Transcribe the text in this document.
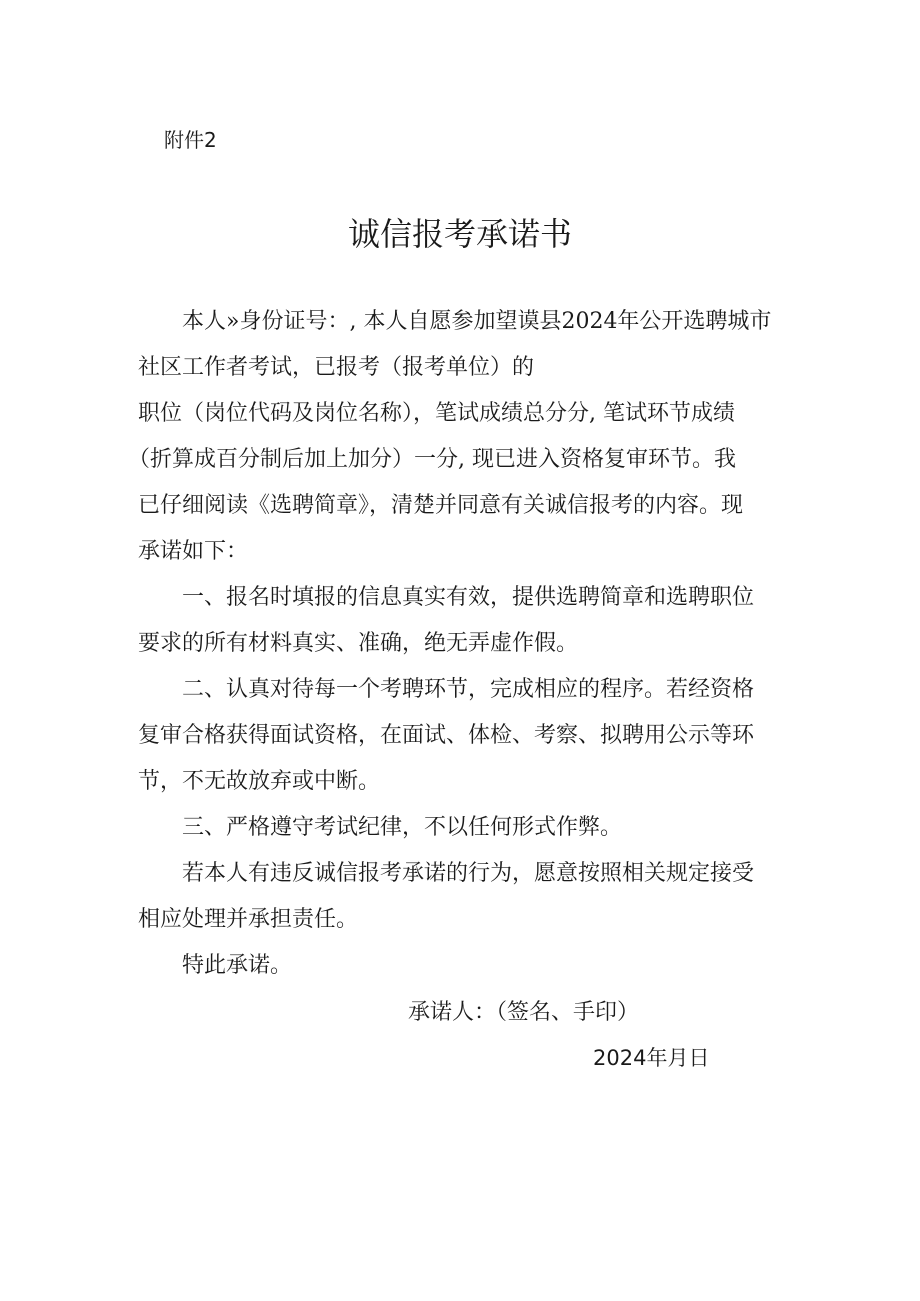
附件2
诚信报考承诺书
本人»身份证号：, 本人自愿参加望谟县2024年公开选聘城市
社区工作者考试，已报考（报考单位）的
职位（岗位代码及岗位名称），笔试成绩总分分, 笔试环节成绩
（折算成百分制后加上加分）一分, 现已进入资格复审环节。我
已仔细阅读《选聘简章》，清楚并同意有关诚信报考的内容。现
承诺如下：
一、报名时填报的信息真实有效，提供选聘简章和选聘职位
要求的所有材料真实、准确，绝无弄虚作假。
二、认真对待每一个考聘环节，完成相应的程序。若经资格
复审合格获得面试资格，在面试、体检、考察、拟聘用公示等环
节，不无故放弃或中断。
三、严格遵守考试纪律，不以任何形式作弊。
若本人有违反诚信报考承诺的行为，愿意按照相关规定接受
相应处理并承担责任。
特此承诺。
承诺人：（签名、手印）
2024年月日
